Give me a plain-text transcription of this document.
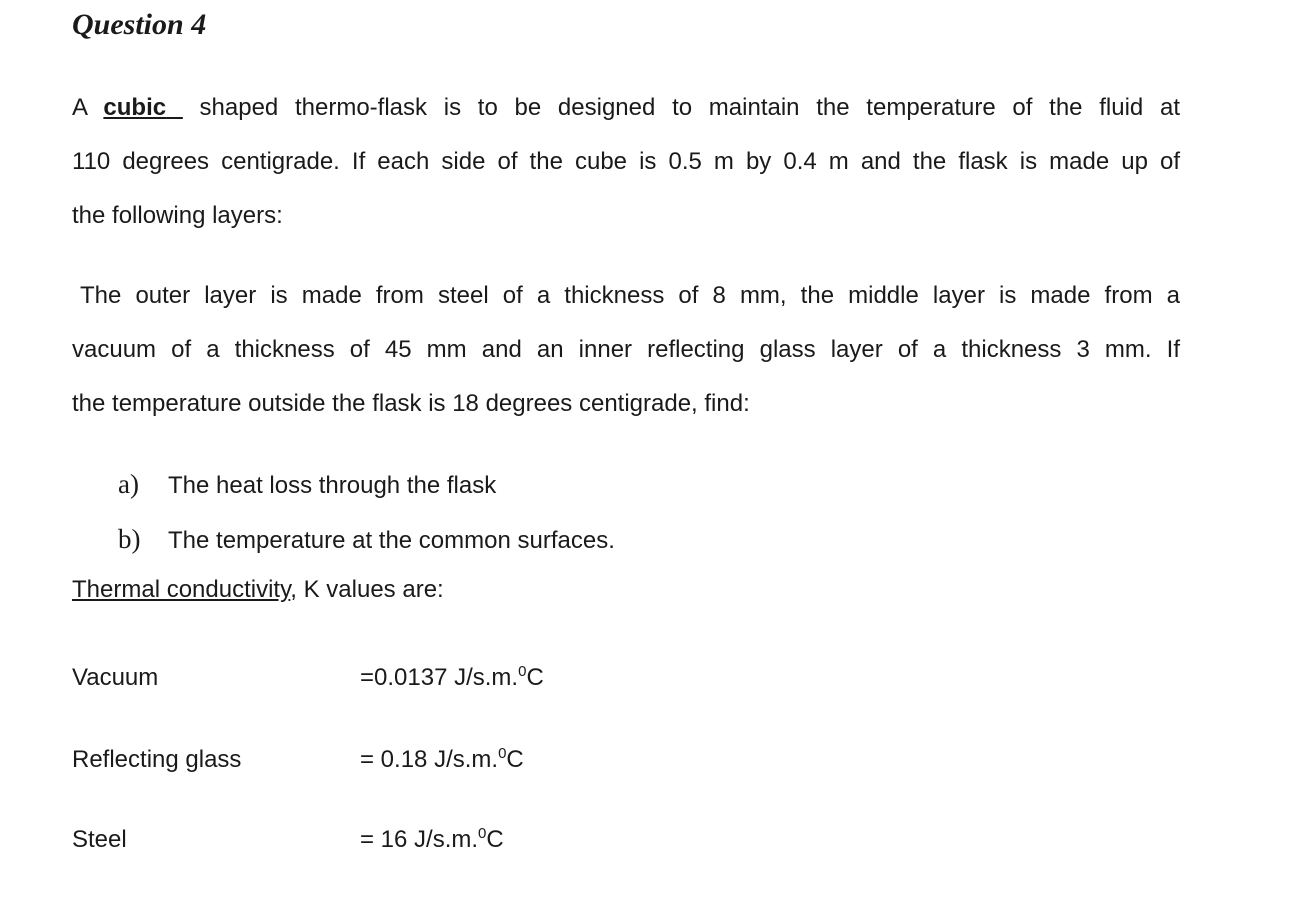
Question 4
A cubic  shaped thermo-flask is to be designed to maintain the temperature of the fluid at
110 degrees centigrade. If each side of the cube is 0.5 m by 0.4 m and the flask is made up of
the following layers:
The outer layer is made from steel of a thickness of 8 mm, the middle layer is made from a
vacuum of a thickness of 45 mm and an inner reflecting glass layer of a thickness 3 mm. If
the temperature outside the flask is 18 degrees centigrade, find:
a) The heat loss through the flask
b) The temperature at the common surfaces.

Thermal conductivity, K values are:

Vacuum	=0.0137 J/s.m.$^0$C
Reflecting glass	= 0.18 J/s.m.$^0$C
Steel	= 16 J/s.m.$^0$C
